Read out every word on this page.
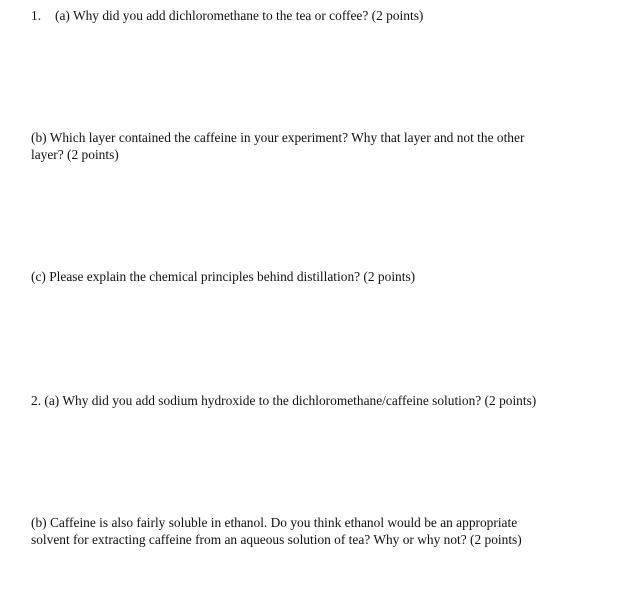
1. (a) Why did you add dichloromethane to the tea or coffee? (2 points)

(b) Which layer contained the caffeine in your experiment? Why that layer and not the other
layer? (2 points)

(c) Please explain the chemical principles behind distillation? (2 points)

2. (a) Why did you add sodium hydroxide to the dichloromethane/caffeine solution? (2 points)

(b) Caffeine is also fairly soluble in ethanol. Do you think ethanol would be an appropriate
solvent for extracting caffeine from an aqueous solution of tea? Why or why not? (2 points)
